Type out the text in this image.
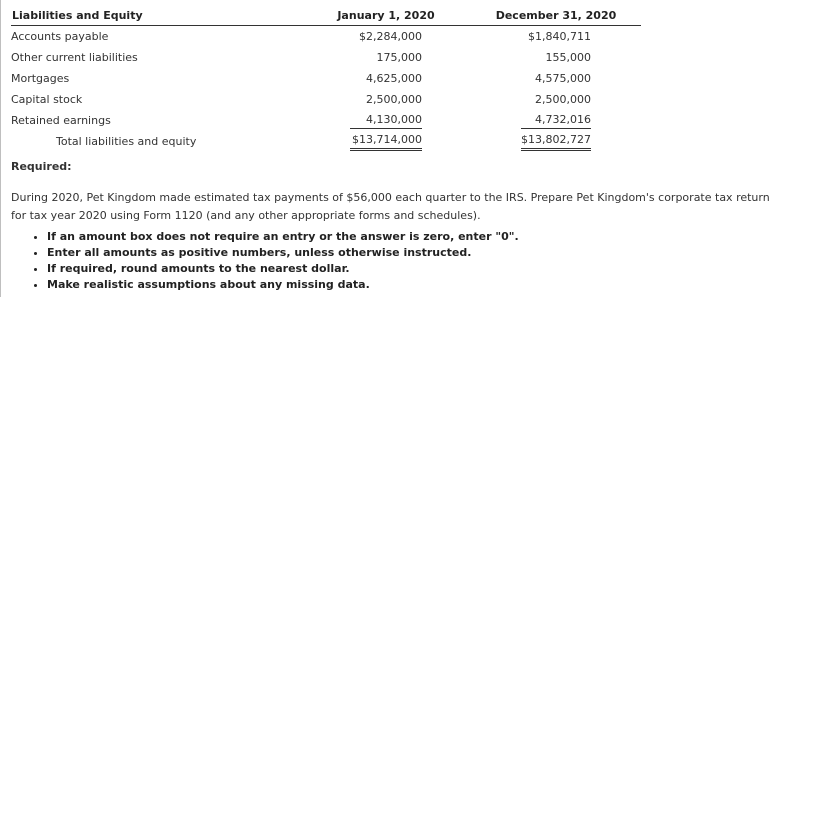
Liabilities and Equity	January 1, 2020	December 31, 2020
Accounts payable	$2,284,000	$1,840,711
Other current liabilities	175,000	155,000
Mortgages	4,625,000	4,575,000
Capital stock	2,500,000	2,500,000
Retained earnings	4,130,000	4,732,016
Total liabilities and equity	$13,714,000	$13,802,727
Required:
During 2020, Pet Kingdom made estimated tax payments of $56,000 each quarter to the IRS. Prepare Pet Kingdom's corporate tax return for tax year 2020 using Form 1120 (and any other appropriate forms and schedules).
• If an amount box does not require an entry or the answer is zero, enter "0".
• Enter all amounts as positive numbers, unless otherwise instructed.
• If required, round amounts to the nearest dollar.
• Make realistic assumptions about any missing data.
